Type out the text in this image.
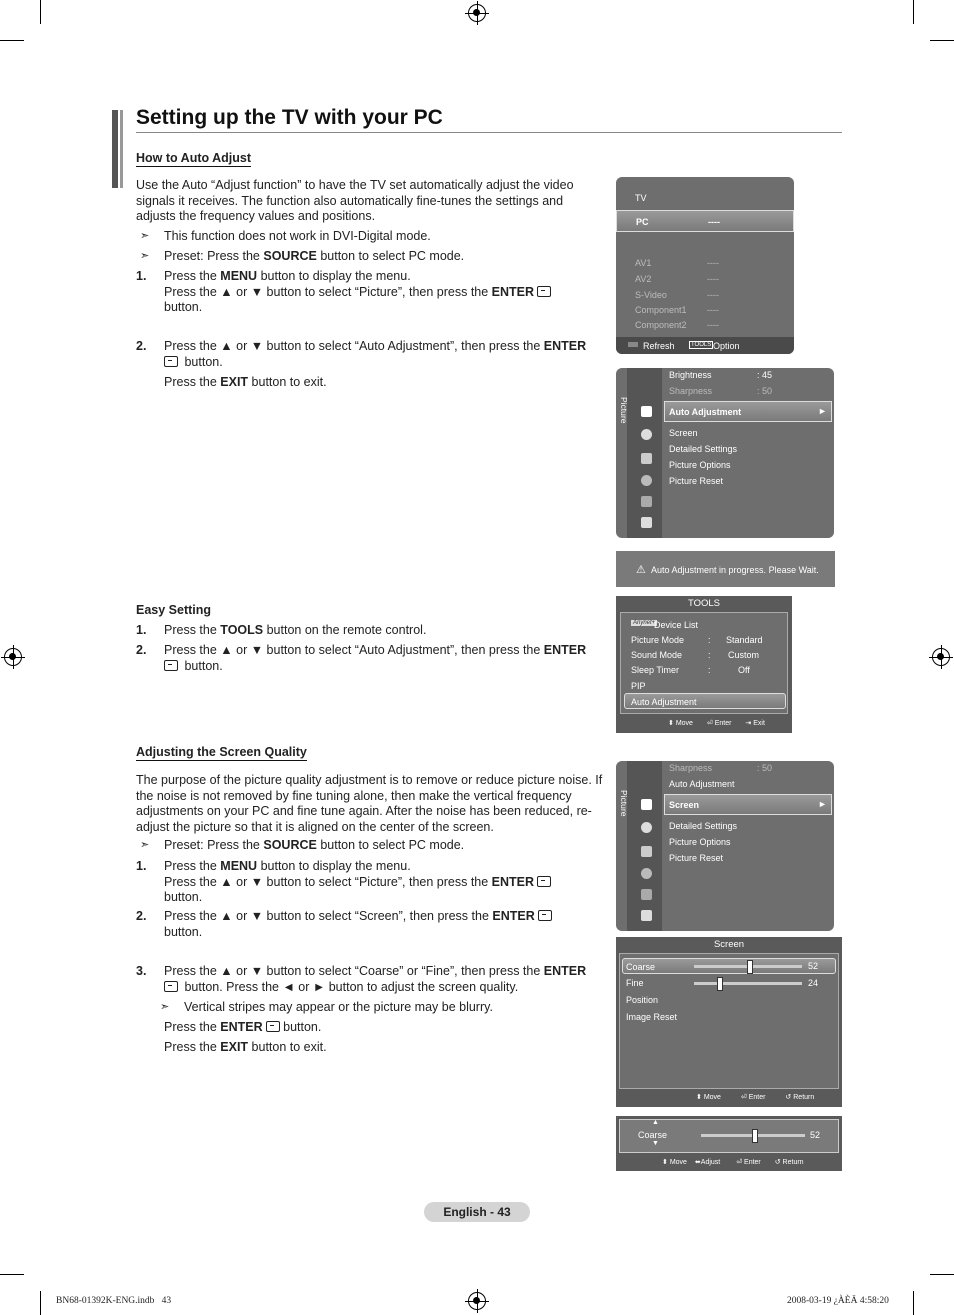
Setting up the TV with your PC
How to Auto Adjust
Use the Auto “Adjust function” to have the TV set automatically adjust the video signals it receives. The function also automatically fine-tunes the settings and adjusts the frequency values and positions.
➣ This function does not work in DVI-Digital mode.
➣ Preset: Press the SOURCE button to select PC mode.
1. Press the MENU button to display the menu.
Press the ▲ or ▼ button to select “Picture”, then press the ENTER
button.
2. Press the ▲ or ▼ button to select “Auto Adjustment”, then press the ENTER
button.
Press the EXIT button to exit.
Easy Setting
1. Press the TOOLS button on the remote control.
2. Press the ▲ or ▼ button to select “Auto Adjustment”, then press the ENTER
button.
Adjusting the Screen Quality
The purpose of the picture quality adjustment is to remove or reduce picture noise. If the noise is not removed by fine tuning alone, then make the vertical frequency adjustments on your PC and fine tune again. After the noise has been reduced, re-adjust the picture so that it is aligned on the center of the screen.
➣ Preset: Press the SOURCE button to select PC mode.
1. Press the MENU button to display the menu.
Press the ▲ or ▼ button to select “Picture”, then press the ENTER
button.
2. Press the ▲ or ▼ button to select “Screen”, then press the ENTER
button.
3. Press the ▲ or ▼ button to select “Coarse” or “Fine”, then press the ENTER
button. Press the ◄ or ► button to adjust the screen quality.
➣ Vertical stripes may appear or the picture may be blurry.
Press the ENTER button.
Press the EXIT button to exit.
TV
PC	----
AV1	----
AV2	----
S-Video	----
Component1 ----
Component2 ----
Refresh	TOOLS Option
Picture
Brightness	: 45
Sharpness	: 50
Auto Adjustment	►
Screen
Detailed Settings
Picture Options
Picture Reset
⚠ Auto Adjustment in progress. Please Wait.
TOOLS
Anynet+
Device List
Picture Mode	: Standard
Sound Mode	: Custom
Sleep Timer	:	Off
PIP
Auto Adjustment
⬍ Move ⏎ Enter ⇥ Exit
Picture
Sharpness	: 50
Auto Adjustment
Screen	►
Detailed Settings
Picture Options
Picture Reset
Screen
Coarse	52
Fine	24
Position
Image Reset
⬍ Move	⏎ Enter	↺ Return
▲
Coarse
▼
52
⬍ Move ⬌Adjust ⏎ Enter ↺ Return
English - 43
BN68-01392K-ENG.indb 43	2008-03-19 ¿ÀÈÄ 4:58:20
